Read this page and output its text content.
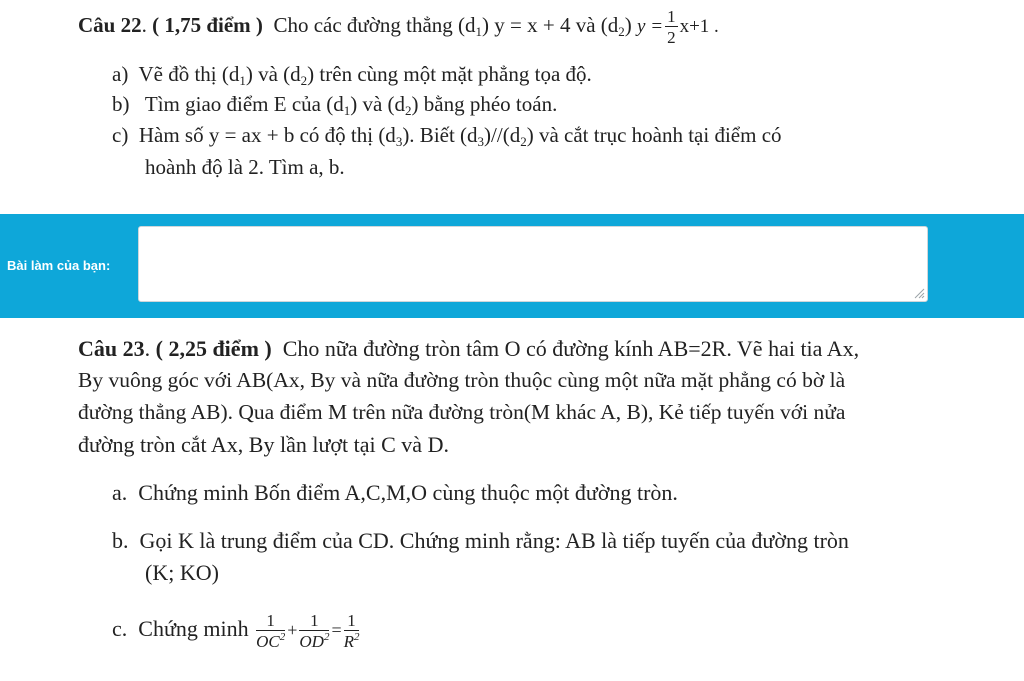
Câu 22. ( 1,75 điểm ) Cho các đường thẳng $(d_1) y = x + 4$ và $(d_2) y = \frac{1}{2} x+1$ .
a) Vẽ đồ thị $(d_1)$ và $(d_2)$ trên cùng một mặt phẳng tọa độ.
b) Tìm giao điểm E của $(d_1)$ và $(d_2)$ bằng phéo toán.
c) Hàm số y = ax + b có độ thị $(d_3)$. Biết $(d_3)//(d_2)$ và cắt trục hoành tại điểm có
hoành độ là 2. Tìm a, b.
Bài làm của bạn:
Câu 23. ( 2,25 điểm ) Cho nữa đường tròn tâm O có đường kính AB=2R. Vẽ hai tia Ax,
By vuông góc với AB(Ax, By và nữa đường tròn thuộc cùng một nữa mặt phẳng có bờ là
đường thẳng AB). Qua điểm M trên nữa đường tròn(M khác A, B), Kẻ tiếp tuyến với nửa
đường tròn cắt Ax, By lần lượt tại C và D.
a. Chứng minh Bốn điểm A,C,M,O cùng thuộc một đường tròn.
b. Gọi K là trung điểm của CD. Chứng minh rằng: AB là tiếp tuyến của đường tròn
(K; KO)
c. Chứng minh $\frac{1}{OC^2} + \frac{1}{OD^2} = \frac{1}{R^2}$
